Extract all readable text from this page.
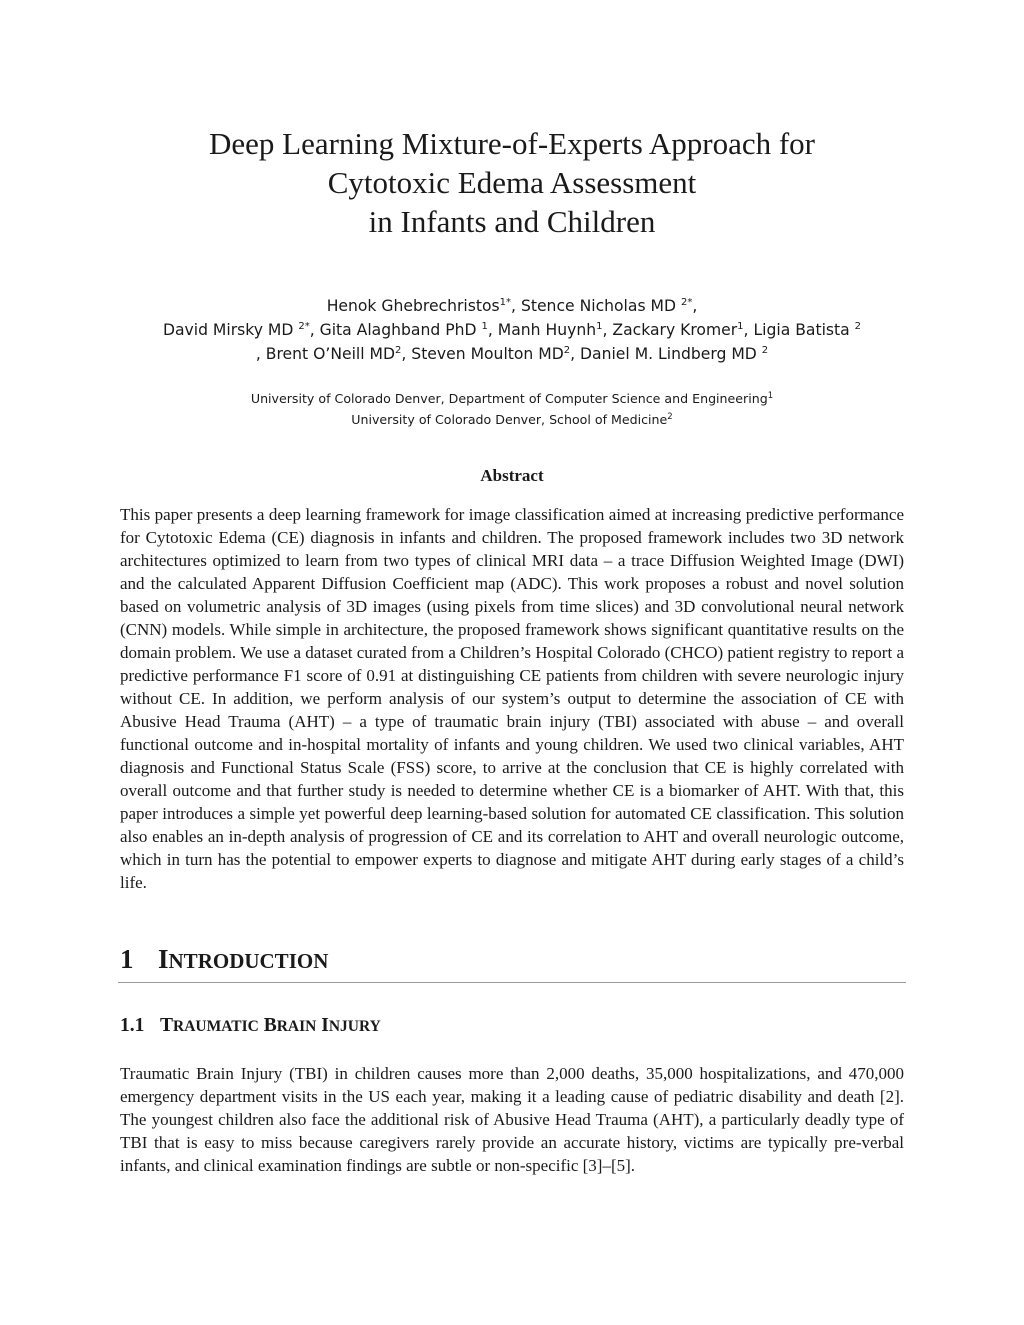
Deep Learning Mixture-of-Experts Approach for
Cytotoxic Edema Assessment
in Infants and Children
Henok Ghebrechristos$^{1*}$, Stence Nicholas MD $^{2*}$,
David Mirsky MD $^{2*}$, Gita Alaghband PhD $^1$, Manh Huynh$^1$, Zackary Kromer$^1$, Ligia Batista $^2$
, Brent O’Neill $MD^2$, Steven Moulton $MD^2$, Daniel M. Lindberg MD $^2$
University of Colorado Denver, Department of Computer Science and Engineering$^1$
University of Colorado Denver, School of Medicine$^2$
Abstract
This paper presents a deep learning framework for image classification aimed at increasing predictive performance for Cytotoxic Edema (CE) diagnosis in infants and children. The proposed framework includes two 3D network architectures optimized to learn from two types of clinical MRI data – a trace Diffusion Weighted Image (DWI) and the calculated Apparent Diffusion Coefficient map (ADC). This work proposes a robust and novel solution based on volumetric analysis of 3D images (using pixels from time slices) and 3D convolutional neural network (CNN) models. While simple in architecture, the proposed framework shows significant quantitative results on the domain problem. We use a dataset curated from a Children’s Hospital Colorado (CHCO) patient registry to report a predictive performance F1 score of 0.91 at distinguishing CE patients from children with severe neurologic injury without CE. In addition, we perform analysis of our system’s output to determine the association of CE with Abusive Head Trauma (AHT) – a type of traumatic brain injury (TBI) associated with abuse – and overall functional outcome and in-hospital mortality of infants and young children. We used two clinical variables, AHT diagnosis and Functional Status Scale (FSS) score, to arrive at the conclusion that CE is highly correlated with overall outcome and that further study is needed to determine whether CE is a biomarker of AHT. With that, this paper introduces a simple yet powerful deep learning-based solution for automated CE classification. This solution also enables an in-depth analysis of progression of CE and its correlation to AHT and overall neurologic outcome, which in turn has the potential to empower experts to diagnose and mitigate AHT during early stages of a child’s life.
1 INTRODUCTION
1.1 TRAUMATIC BRAIN INJURY
Traumatic Brain Injury (TBI) in children causes more than 2,000 deaths, 35,000 hospitalizations, and 470,000 emergency department visits in the US each year, making it a leading cause of pediatric disability and death [2]. The youngest children also face the additional risk of Abusive Head Trauma (AHT), a particularly deadly type of TBI that is easy to miss because caregivers rarely provide an accurate history, victims are typically pre-verbal infants, and clinical examination findings are subtle or non-specific [3]–[5].
